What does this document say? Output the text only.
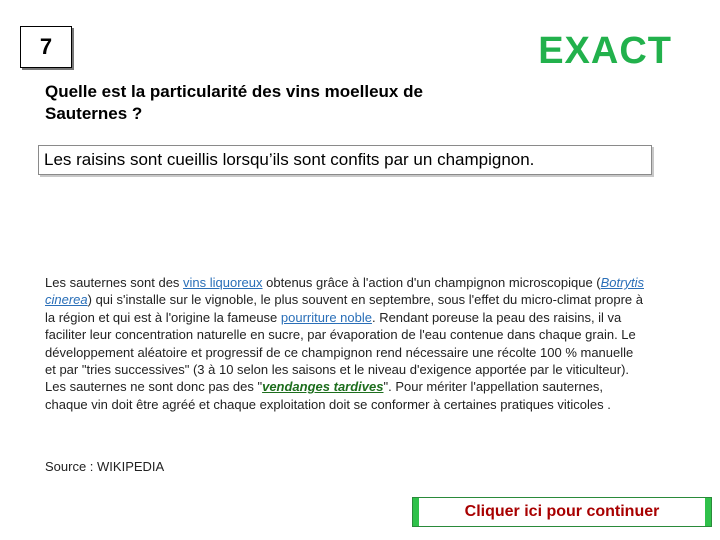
7	EXACT
Quelle est la particularité des vins moelleux de Sauternes ?
Les raisins sont cueillis lorsqu’ils sont confits par un champignon.
Les sauternes sont des vins liquoreux obtenus grâce à l'action d'un champignon microscopique (Botrytis cinerea) qui s'installe sur le vignoble, le plus souvent en septembre, sous l'effet du micro-climat propre à la région et qui est à l'origine la fameuse pourriture noble. Rendant poreuse la peau des raisins, il va faciliter leur concentration naturelle en sucre, par évaporation de l'eau contenue dans chaque grain. Le développement aléatoire et progressif de ce champignon rend nécessaire une récolte 100 % manuelle et par "tries successives" (3 à 10 selon les saisons et le niveau d'exigence apportée par le viticulteur). Les sauternes ne sont donc pas des "vendanges tardives". Pour mériter l'appellation sauternes, chaque vin doit être agréé et chaque exploitation doit se conformer à certaines pratiques viticoles .
Source : WIKIPEDIA
Cliquer ici pour continuer
